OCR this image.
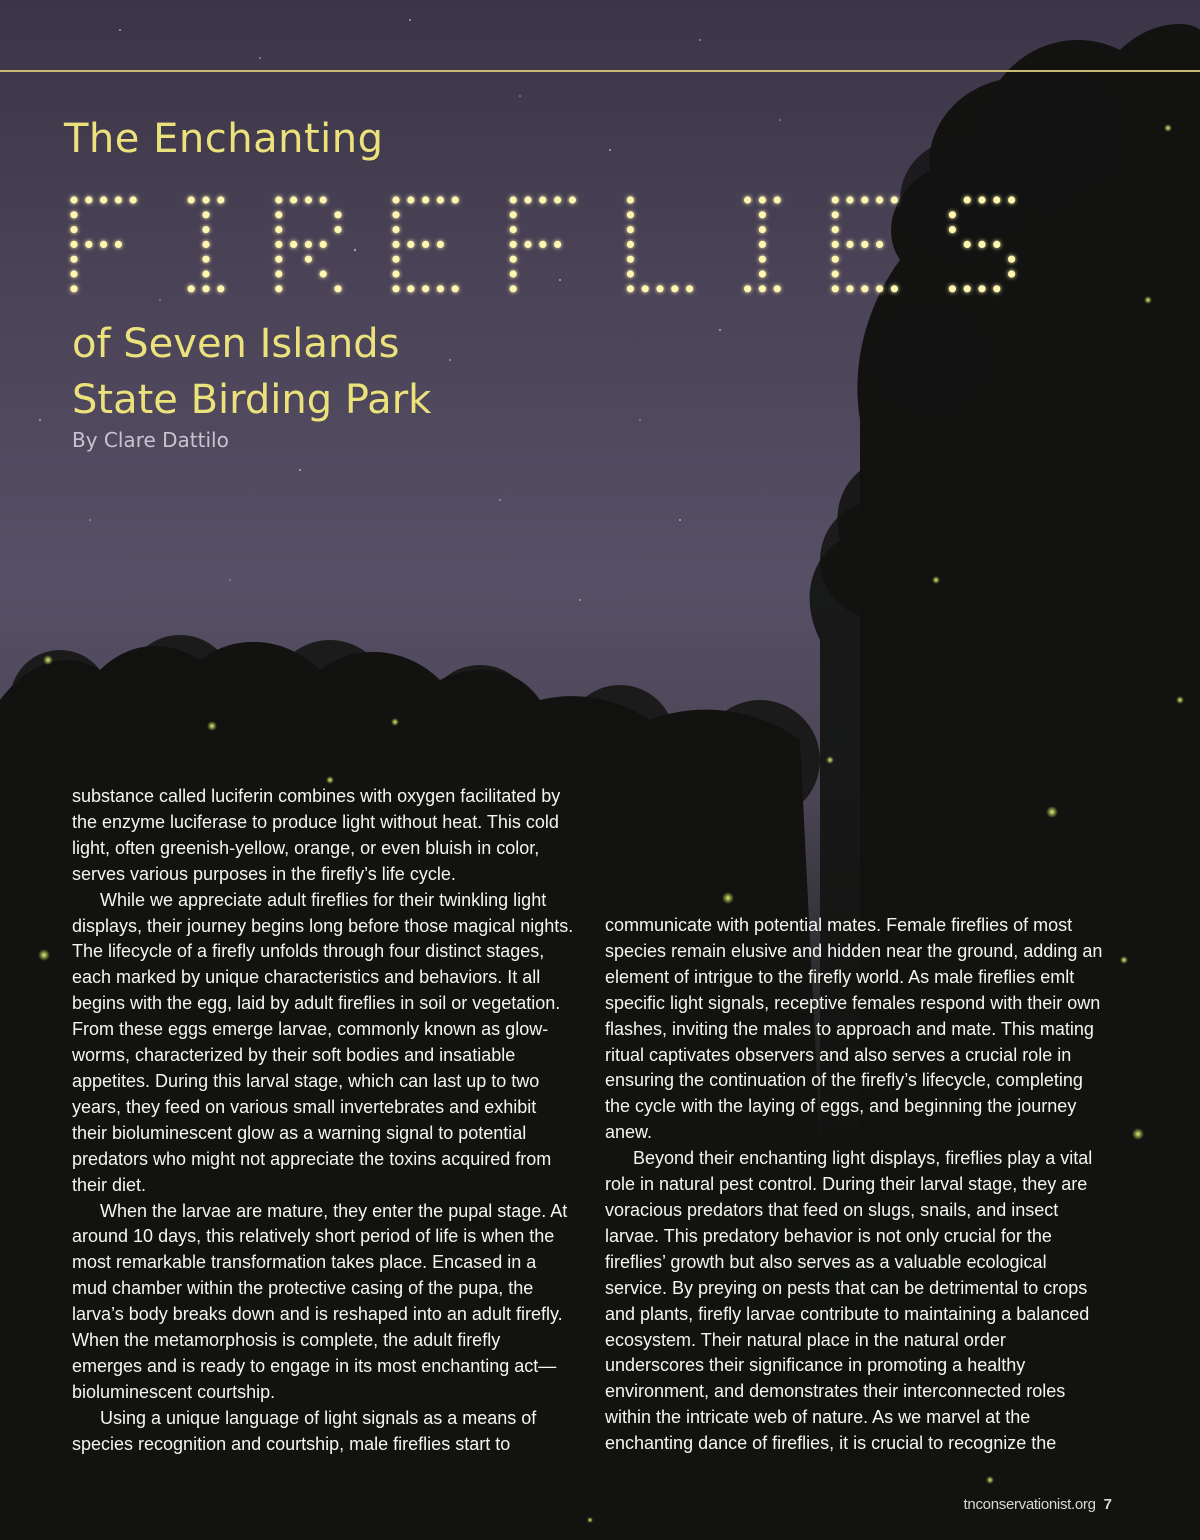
The Enchanting
of Seven Islands
State Birding Park
By Clare Dattilo

substance called luciferin combines with oxygen facilitated by the enzyme luciferase to produce light without heat. This cold light, often greenish-yellow, orange, or even bluish in color, serves various purposes in the firefly’s life cycle.

While we appreciate adult fireflies for their twinkling light displays, their journey begins long before those magical nights. The lifecycle of a firefly unfolds through four distinct stages, each marked by unique characteristics and behaviors. It all begins with the egg, laid by adult fireflies in soil or vegetation. From these eggs emerge larvae, commonly known as glow-worms, characterized by their soft bodies and insatiable appetites. During this larval stage, which can last up to two years, they feed on various small invertebrates and exhibit their bioluminescent glow as a warning signal to potential predators who might not appreciate the toxins acquired from their diet.

When the larvae are mature, they enter the pupal stage. At around 10 days, this relatively short period of life is when the most remarkable transformation takes place. Encased in a mud chamber within the protective casing of the pupa, the larva’s body breaks down and is reshaped into an adult firefly. When the metamorphosis is complete, the adult firefly emerges and is ready to engage in its most enchanting act—bioluminescent courtship.

Using a unique language of light signals as a means of species recognition and courtship, male fireflies start to

communicate with potential mates. Female fireflies of most species remain elusive and hidden near the ground, adding an element of intrigue to the firefly world. As male fireflies emlt specific light signals, receptive females respond with their own flashes, inviting the males to approach and mate. This mating ritual captivates observers and also serves a crucial role in ensuring the continuation of the firefly’s lifecycle, completing the cycle with the laying of eggs, and beginning the journey anew.

Beyond their enchanting light displays, fireflies play a vital role in natural pest control. During their larval stage, they are voracious predators that feed on slugs, snails, and insect larvae. This predatory behavior is not only crucial for the fireflies’ growth but also serves as a valuable ecological service. By preying on pests that can be detrimental to crops and plants, firefly larvae contribute to maintaining a balanced ecosystem. Their natural place in the natural order underscores their significance in promoting a healthy environment, and demonstrates their interconnected roles within the intricate web of nature. As we marvel at the enchanting dance of fireflies, it is crucial to recognize the

tnconservationist.org 7
